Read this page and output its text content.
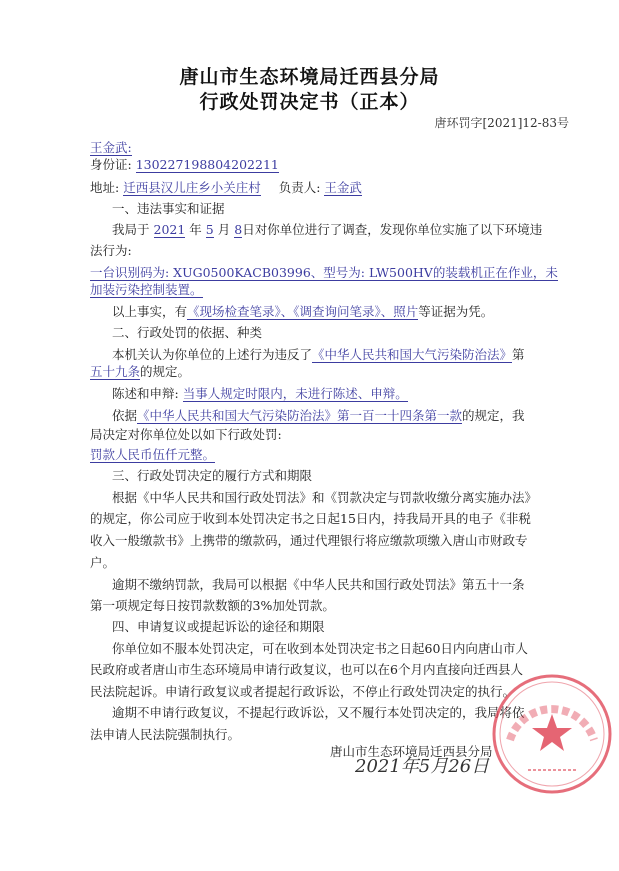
唐山市生态环境局迁西县分局
行政处罚决定书（正本）
唐环罚字[2021]12-83号
王金武:
身份证: 130227198804202211
地址: 迁西县汉儿庄乡小关庄村 负责人: 王金武
一、违法事实和证据
我局于 2021 年 5 月 8日对你单位进行了调查，发现你单位实施了以下环境违
法行为:
一台识别码为: XUG0500KACB03996、型号为: LW500HV的装载机正在作业，未
加装污染控制装置。
以上事实，有《现场检查笔录》、《调查询问笔录》、照片等证据为凭。
二、行政处罚的依据、种类
本机关认为你单位的上述行为违反了《中华人民共和国大气污染防治法》第
五十九条的规定。
陈述和申辩: 当事人规定时限内，未进行陈述、申辩。
依据《中华人民共和国大气污染防治法》第一百一十四条第一款的规定，我
局决定对你单位处以如下行政处罚:
罚款人民币伍仟元整。
三、行政处罚决定的履行方式和期限
根据《中华人民共和国行政处罚法》和《罚款决定与罚款收缴分离实施办法》
的规定，你公司应于收到本处罚决定书之日起15日内，持我局开具的电子《非税
收入一般缴款书》上携带的缴款码，通过代理银行将应缴款项缴入唐山市财政专
户。
逾期不缴纳罚款，我局可以根据《中华人民共和国行政处罚法》第五十一条
第一项规定每日按罚款数额的3%加处罚款。
四、申请复议或提起诉讼的途径和期限
你单位如不服本处罚决定，可在收到本处罚决定书之日起60日内向唐山市人
民政府或者唐山市生态环境局申请行政复议，也可以在6个月内直接向迁西县人
民法院起诉。申请行政复议或者提起行政诉讼，不停止行政处罚决定的执行。
逾期不申请行政复议，不提起行政诉讼，又不履行本处罚决定的，我局将依
法申请人民法院强制执行。
唐山市生态环境局迁西县分局
2021年5月26日
